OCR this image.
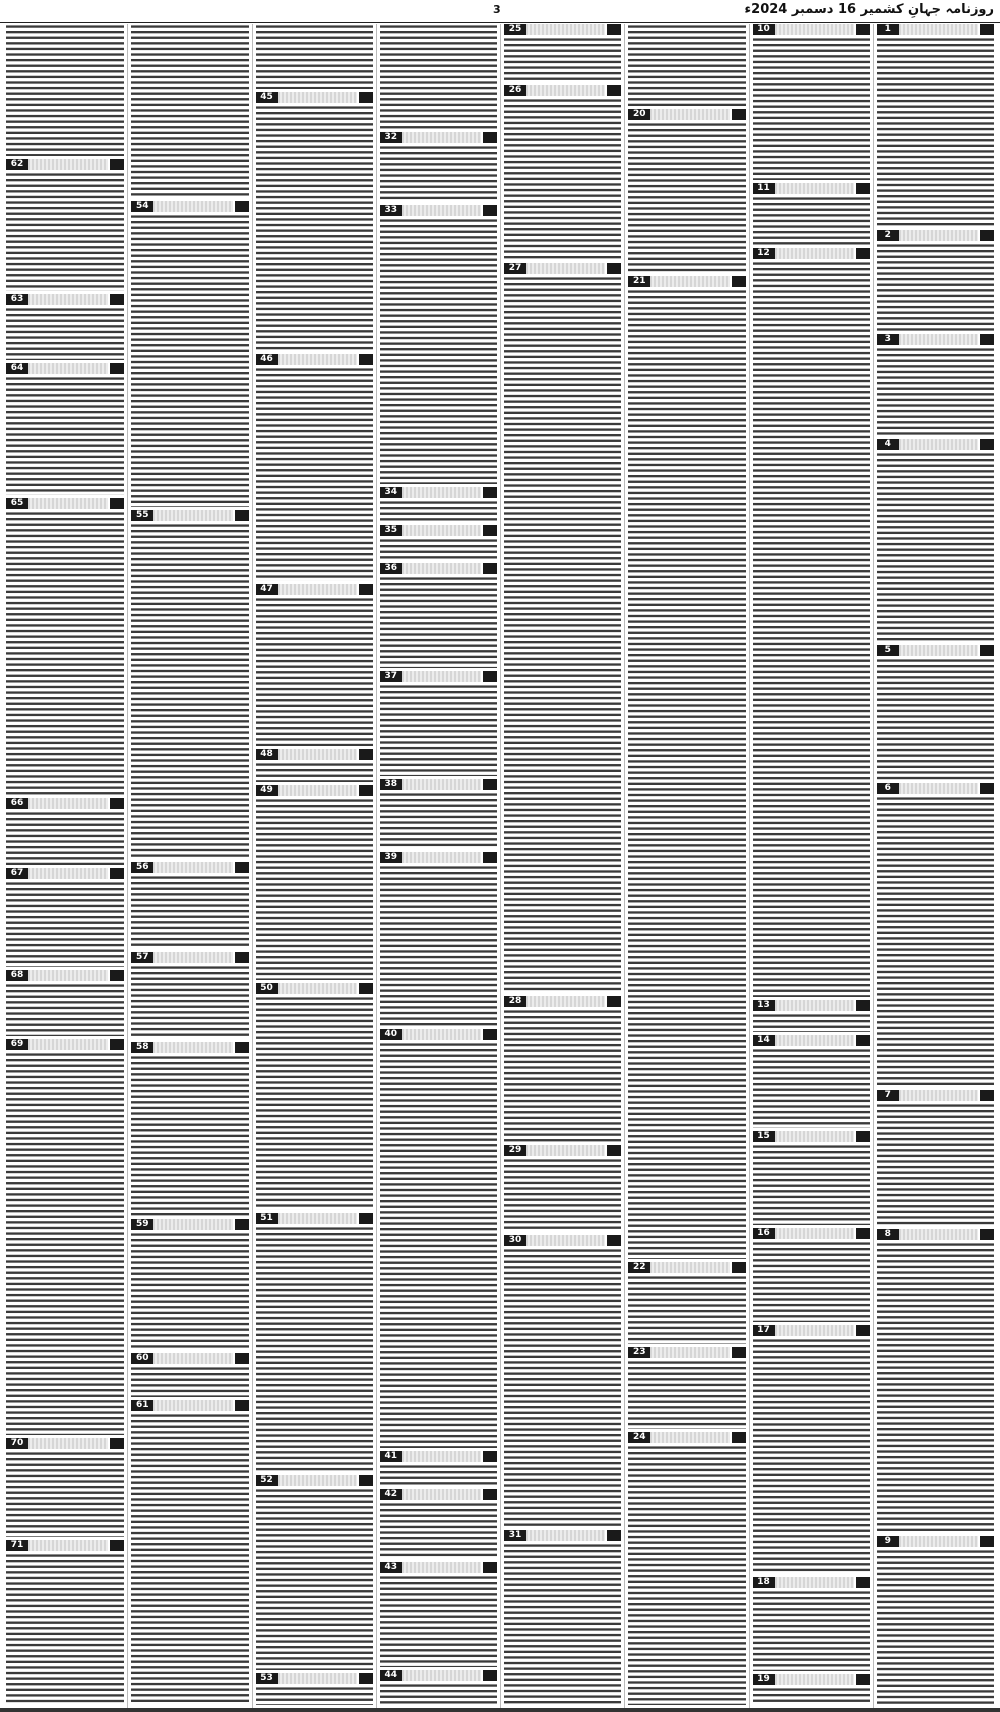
روزنامہ جہانِ کشمیر 16 دسمبر 2024ء
3
1
2
3
4
5
6
7
8
9
10
11
12
13
14
15
16
17
18
19
20
21
22
23
24
25
26
27
28
29
30
31
32
33
34
35
36
37
38
39
40
41
42
43
44
45
46
47
48
49
50
51
52
53
54
55
56
57
58
59
60
61
62
63
64
65
66
67
68
69
70
71
